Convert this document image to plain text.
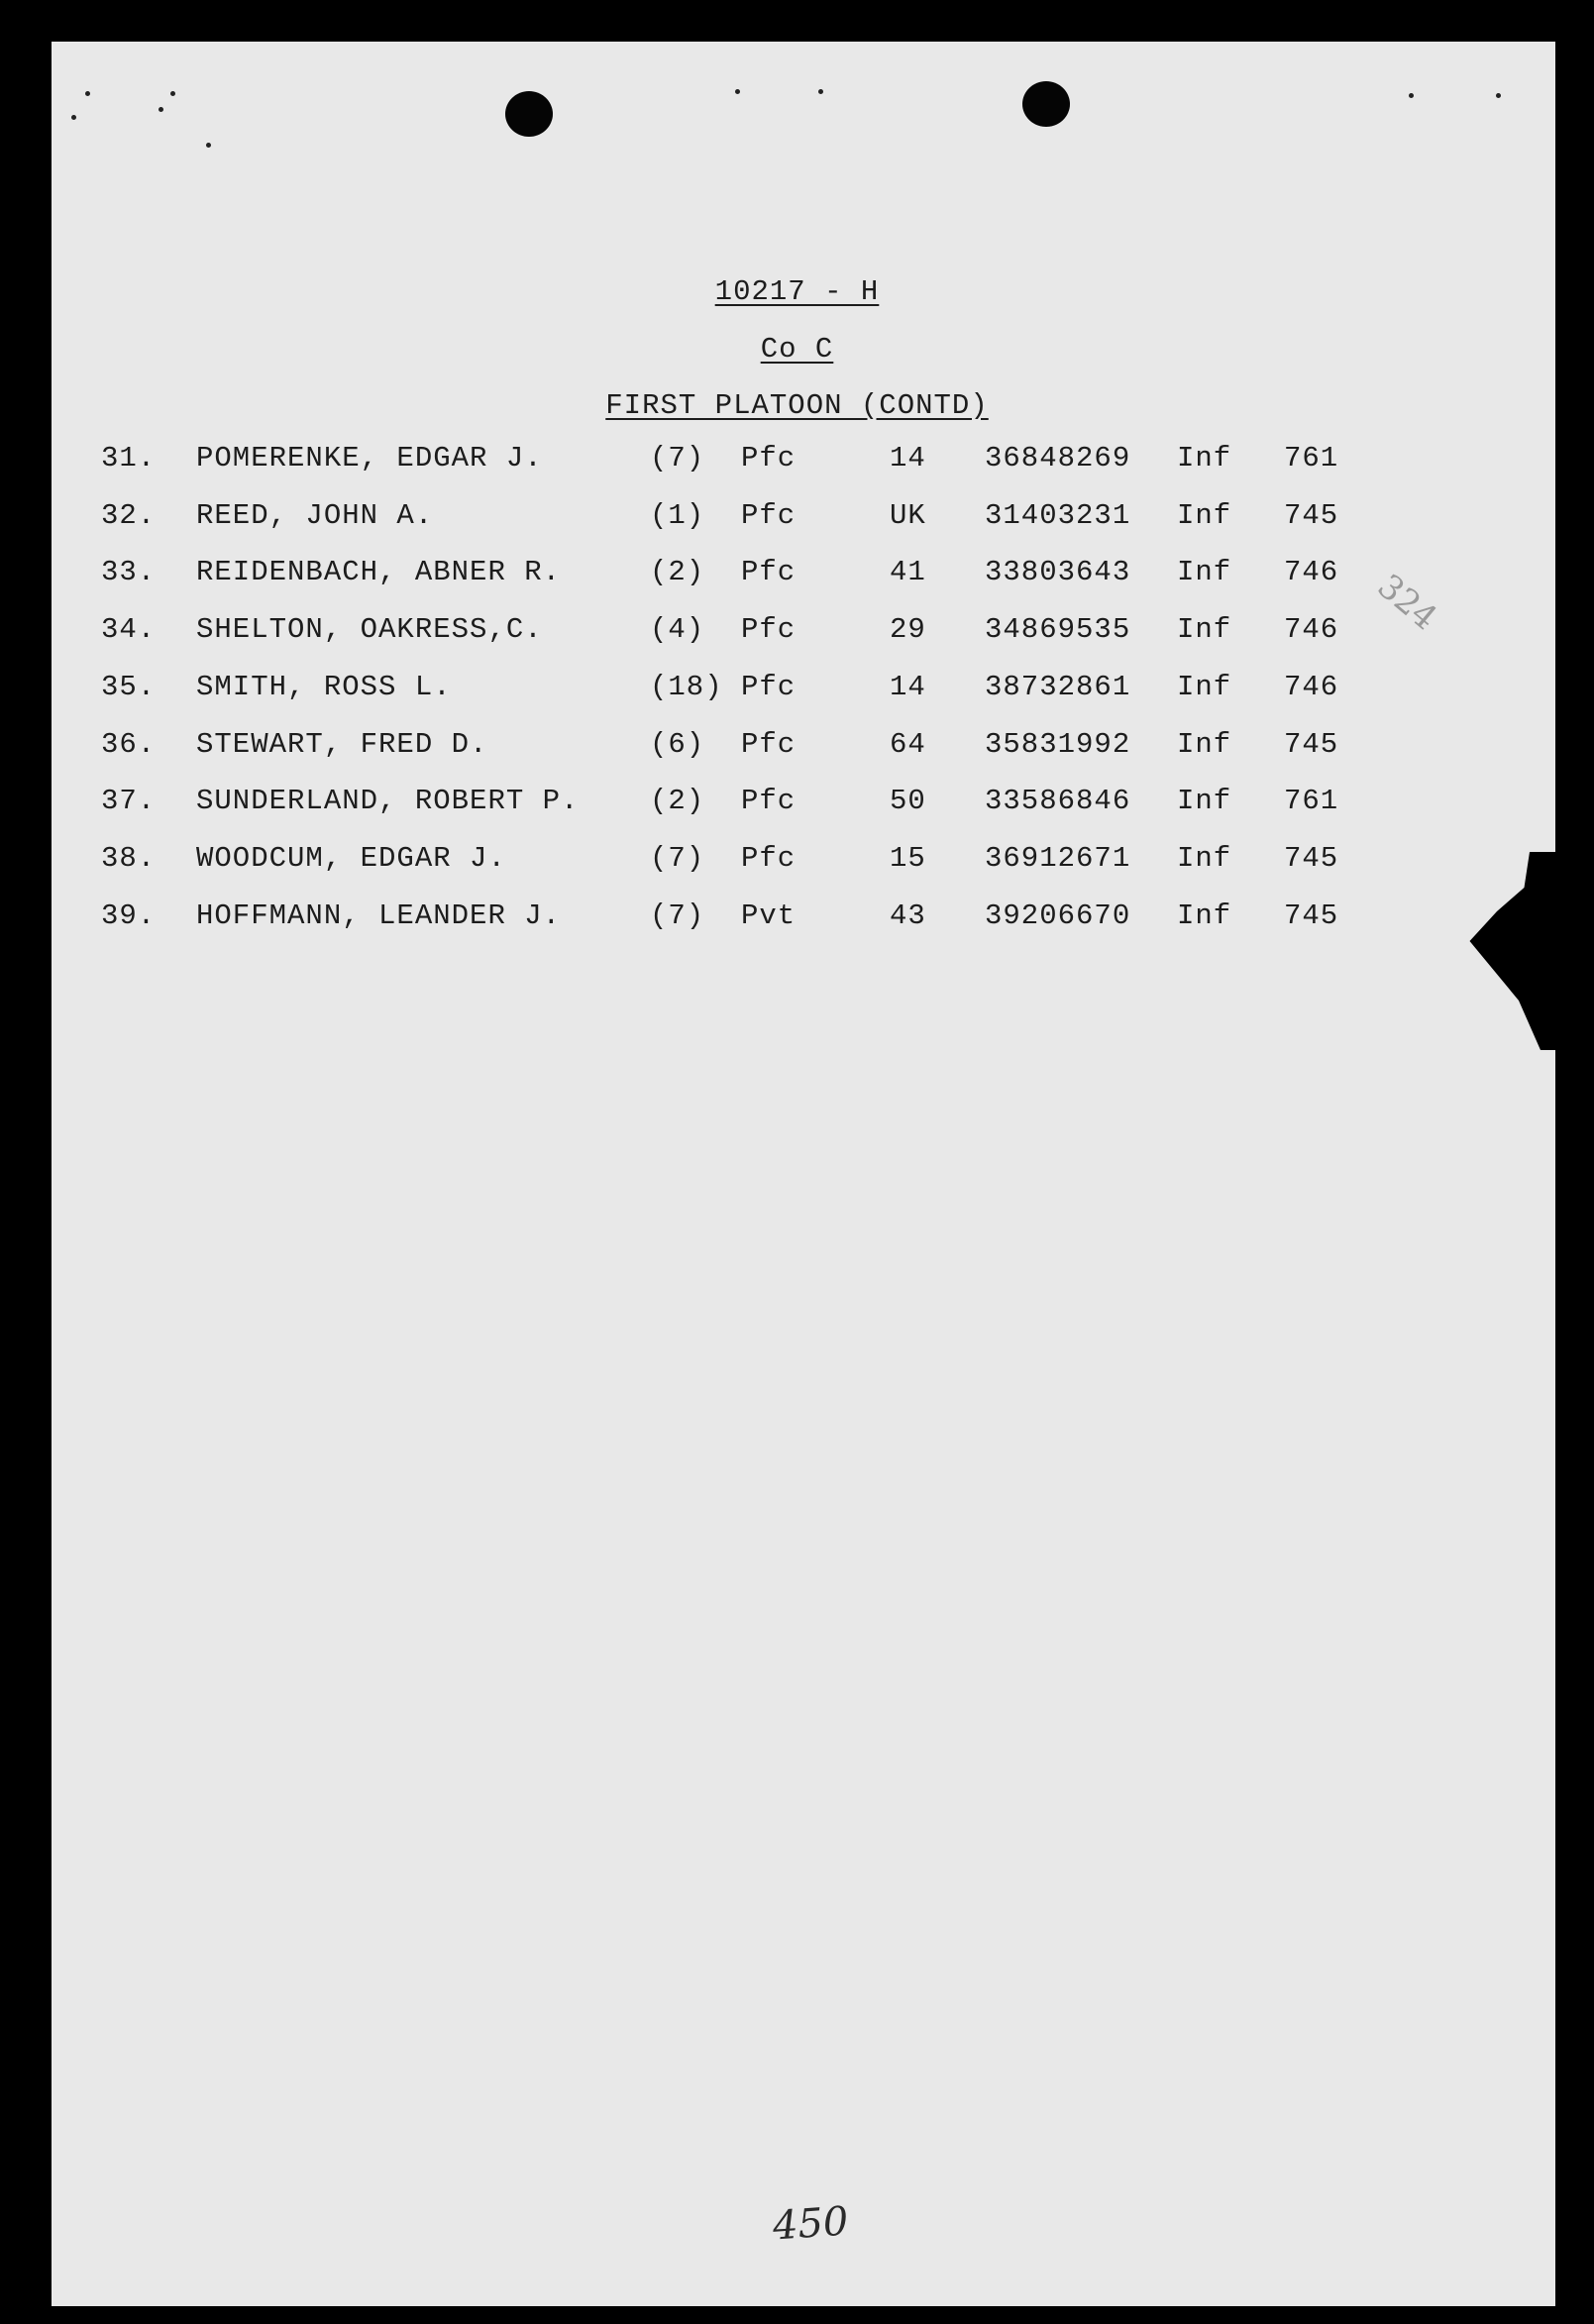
10217 - H
Co C
FIRST PLATOON (CONTD)
31. POMERENKE, EDGAR J.	(7) Pfc	14 36848269 Inf 761
32. REED, JOHN A.	(1) Pfc	UK 31403231 Inf 745
33. REIDENBACH, ABNER R.	(2) Pfc	41 33803643 Inf 746
34. SHELTON, OAKRESS,C.	(4) Pfc	29 34869535 Inf 746
35. SMITH, ROSS L.	(18) Pfc	14 38732861 Inf 746
36. STEWART, FRED D.	(6) Pfc	64 35831992 Inf 745
37. SUNDERLAND, ROBERT P. (2) Pfc	50 33586846 Inf 761
38. WOODCUM, EDGAR J.	(7) Pfc	15 36912671 Inf 745
39. HOFFMANN, LEANDER J.	(7) Pvt	43 39206670 Inf 745
324
450
